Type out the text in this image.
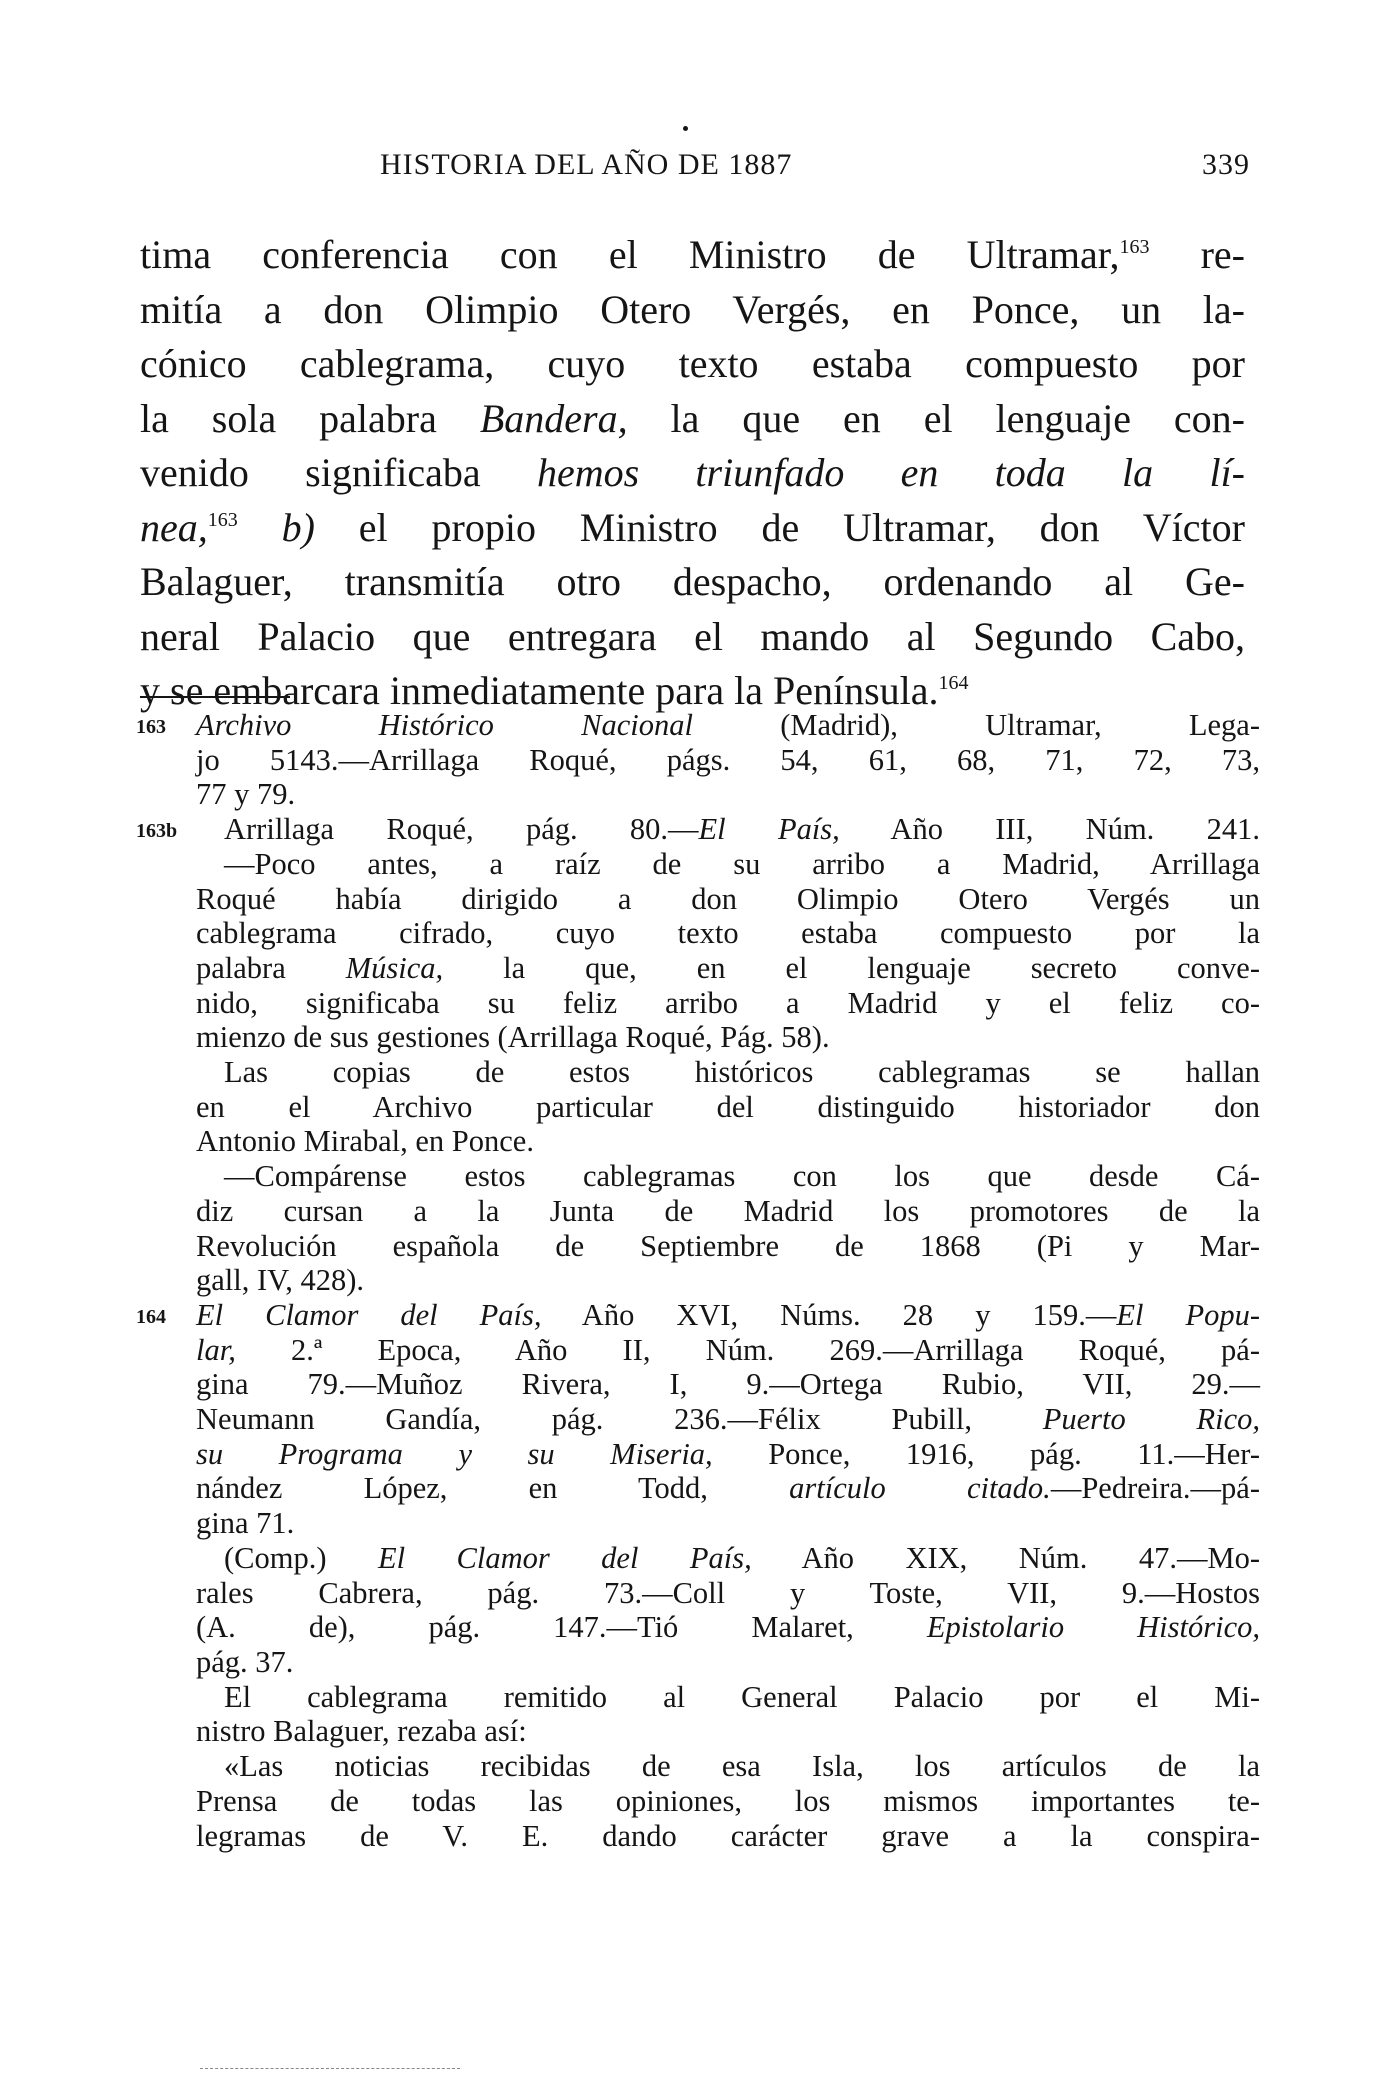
HISTORIA DEL AÑO DE 1887	339
tima conferencia con el Ministro de Ultramar,$^{163}$ re-
mitía a don Olimpio Otero Vergés, en Ponce, un la-
cónico cablegrama, cuyo texto estaba compuesto por
la sola palabra Bandera, la que en el lenguaje con-
venido significaba hemos triunfado en toda la lí-
nea,$^{163}$ b) el propio Ministro de Ultramar, don Víctor
Balaguer, transmitía otro despacho, ordenando al Ge-
neral Palacio que entregara el mando al Segundo Cabo,
y se embarcara inmediatamente para la Península.$^{164}$
163 Archivo Histórico Nacional (Madrid), Ultramar, Lega-
jo 5143.—Arrillaga Roqué, págs. 54, 61, 68, 71, 72, 73,
77 y 79.
163b	Arrillaga Roqué, pág. 80.—El País, Año III, Núm. 241.
—Poco antes, a raíz de su arribo a Madrid, Arrillaga
Roqué había dirigido a don Olimpio Otero Vergés un
cablegrama cifrado, cuyo texto estaba compuesto por la
palabra Música, la que, en el lenguaje secreto conve-
nido, significaba su feliz arribo a Madrid y el feliz co-
mienzo de sus gestiones (Arrillaga Roqué, Pág. 58).
Las copias de estos históricos cablegramas se hallan
en el Archivo particular del distinguido historiador don
Antonio Mirabal, en Ponce.
—Compárense estos cablegramas con los que desde Cá-
diz cursan a la Junta de Madrid los promotores de la
Revolución española de Septiembre de 1868 (Pi y Mar-
gall, IV, 428).
164 El Clamor del País, Año XVI, Núms. 28 y 159.—El Popu-
lar, 2.ª Epoca, Año II, Núm. 269.—Arrillaga Roqué, pá-
gina 79.—Muñoz Rivera, I, 9.—Ortega Rubio, VII, 29.—
Neumann Gandía, pág. 236.—Félix Pubill, Puerto Rico,
su Programa y su Miseria, Ponce, 1916, pág. 11.—Her-
nández López, en Todd, artículo citado.—Pedreira.—pá-
gina 71.
(Comp.) El Clamor del País, Año XIX, Núm. 47.—Mo-
rales Cabrera, pág. 73.—Coll y Toste, VII, 9.—Hostos
(A. de), pág. 147.—Tió Malaret, Epistolario Histórico,
pág. 37.
El cablegrama remitido al General Palacio por el Mi-
nistro Balaguer, rezaba así:
«Las noticias recibidas de esa Isla, los artículos de la
Prensa de todas las opiniones, los mismos importantes te-
legramas de V. E. dando carácter grave a la conspira-
